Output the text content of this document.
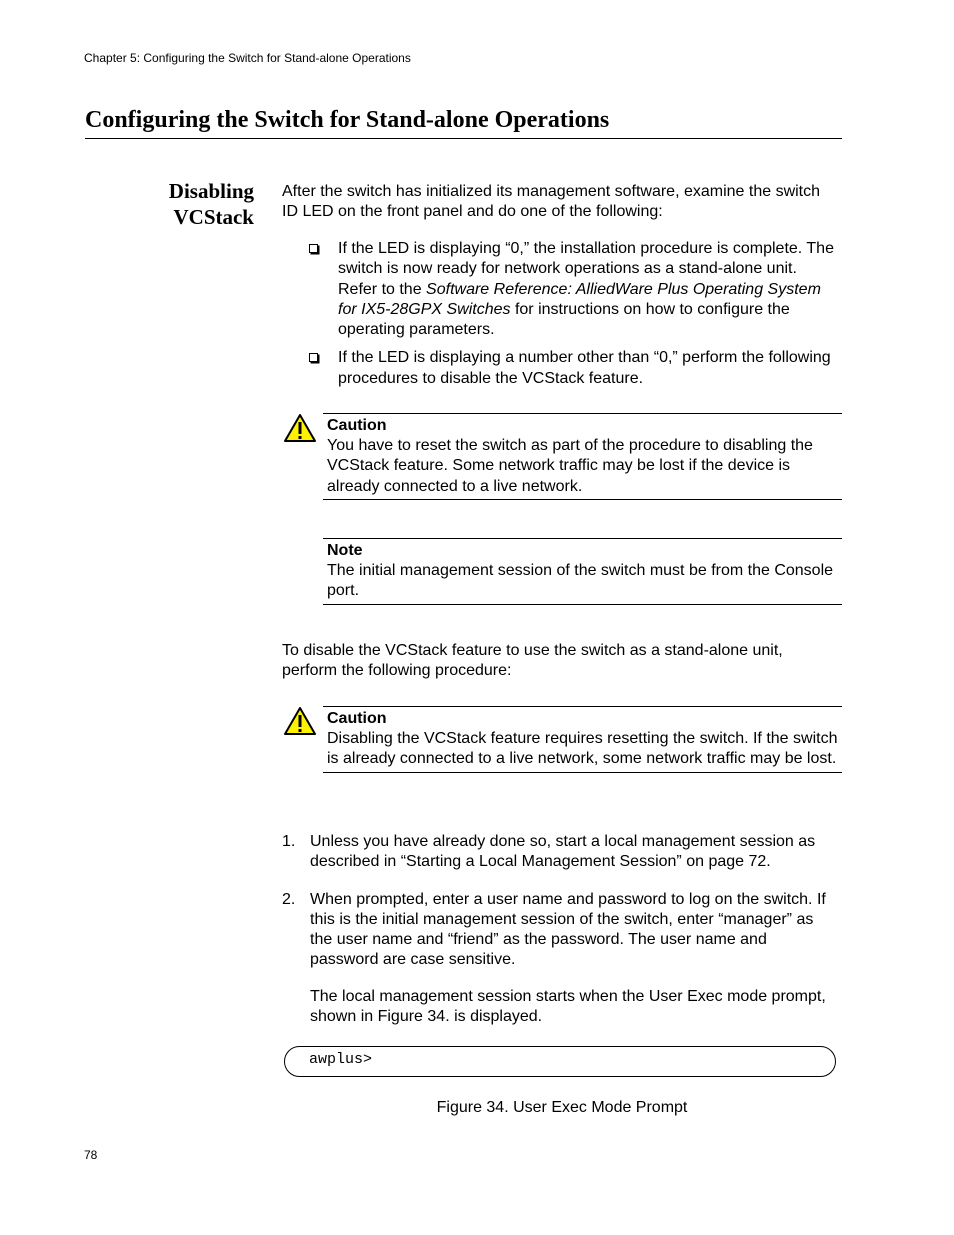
Chapter 5: Configuring the Switch for Stand-alone Operations
Configuring the Switch for Stand-alone Operations
Disabling
VCStack

After the switch has initialized its management software, examine the switch ID LED on the front panel and do one of the following:

If the LED is displaying “0,” the installation procedure is complete. The switch is now ready for network operations as a stand-alone unit. Refer to the Software Reference: AlliedWare Plus Operating System for IX5-28GPX Switches for instructions on how to configure the operating parameters.
If the LED is displaying a number other than “0,” perform the following procedures to disable the VCStack feature.
Caution
You have to reset the switch as part of the procedure to disabling the VCStack feature. Some network traffic may be lost if the device is already connected to a live network.
Note
The initial management session of the switch must be from the Console port.

To disable the VCStack feature to use the switch as a stand-alone unit, perform the following procedure:

Caution
Disabling the VCStack feature requires resetting the switch. If the switch is already connected to a live network, some network traffic may be lost.
1. Unless you have already done so, start a local management session as described in “Starting a Local Management Session” on page 72.
2. When prompted, enter a user name and password to log on the switch. If this is the initial management session of the switch, enter “manager” as the user name and “friend” as the password. The user name and password are case sensitive.

The local management session starts when the User Exec mode prompt, shown in Figure 34. is displayed.

awplus>
Figure 34. User Exec Mode Prompt
78
